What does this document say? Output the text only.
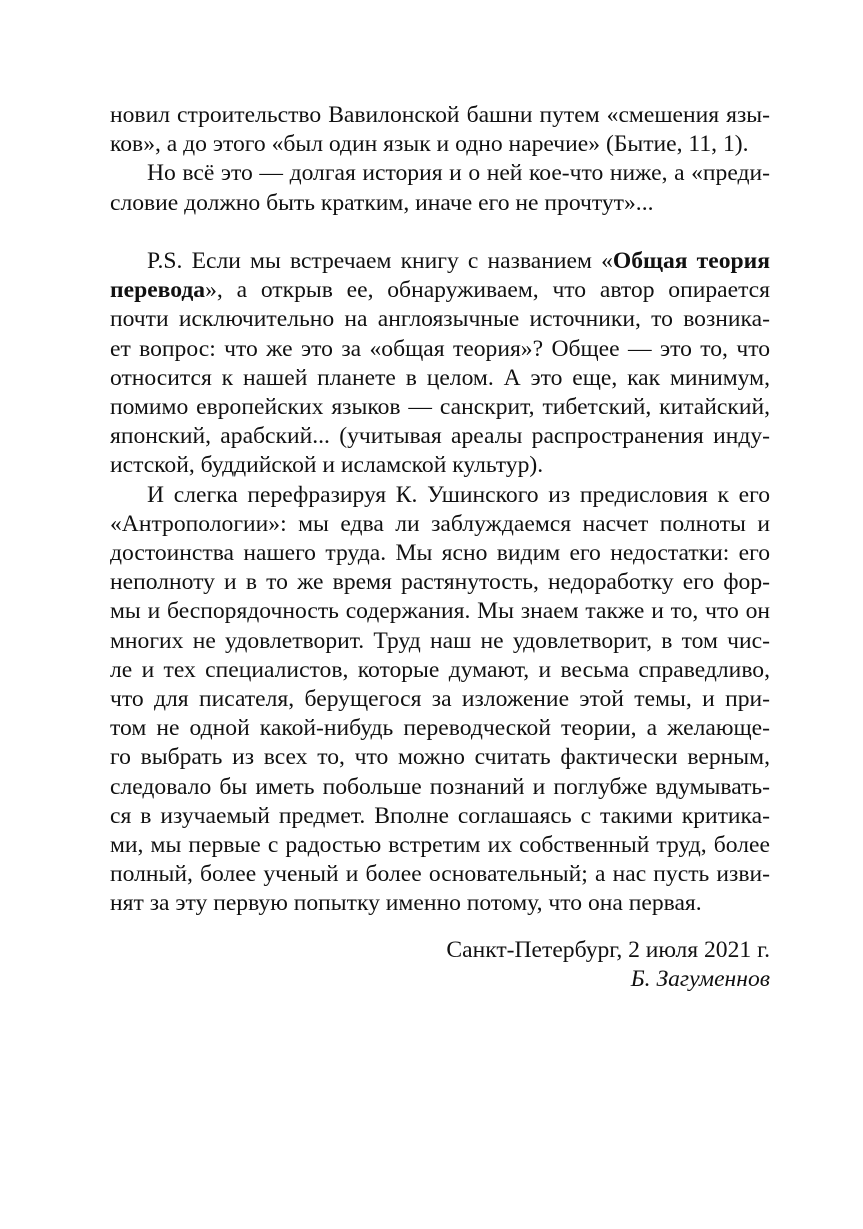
новил строительство Вавилонской башни путем «смешения язы-
ков», а до этого «был один язык и одно наречие» (Бытие, 11, 1).
Но всё это — долгая история и о ней кое-что ниже, а «преди-
словие должно быть кратким, иначе его не прочтут»...
P.S. Если мы встречаем книгу с названием «Общая теория
перевода», а открыв ее, обнаруживаем, что автор опирается
почти исключительно на англоязычные источники, то возника-
ет вопрос: что же это за «общая теория»? Общее — это то, что
относится к нашей планете в целом. А это еще, как минимум,
помимо европейских языков — санскрит, тибетский, китайский,
японский, арабский... (учитывая ареалы распространения инду-
истской, буддийской и исламской культур).
И слегка перефразируя К. Ушинского из предисловия к его
«Антропологии»: мы едва ли заблуждаемся насчет полноты и
достоинства нашего труда. Мы ясно видим его недостатки: его
неполноту и в то же время растянутость, недоработку его фор-
мы и беспорядочность содержания. Мы знаем также и то, что он
многих не удовлетворит. Труд наш не удовлетворит, в том чис-
ле и тех специалистов, которые думают, и весьма справедливо,
что для писателя, берущегося за изложение этой темы, и при-
том не одной какой-нибудь переводческой теории, а желающе-
го выбрать из всех то, что можно считать фактически верным,
следовало бы иметь побольше познаний и поглубже вдумывать-
ся в изучаемый предмет. Вполне соглашаясь с такими критика-
ми, мы первые с радостью встретим их собственный труд, более
полный, более ученый и более основательный; а нас пусть изви-
нят за эту первую попытку именно потому, что она первая.
Санкт-Петербург, 2 июля 2021 г.
Б. Загуменнов
